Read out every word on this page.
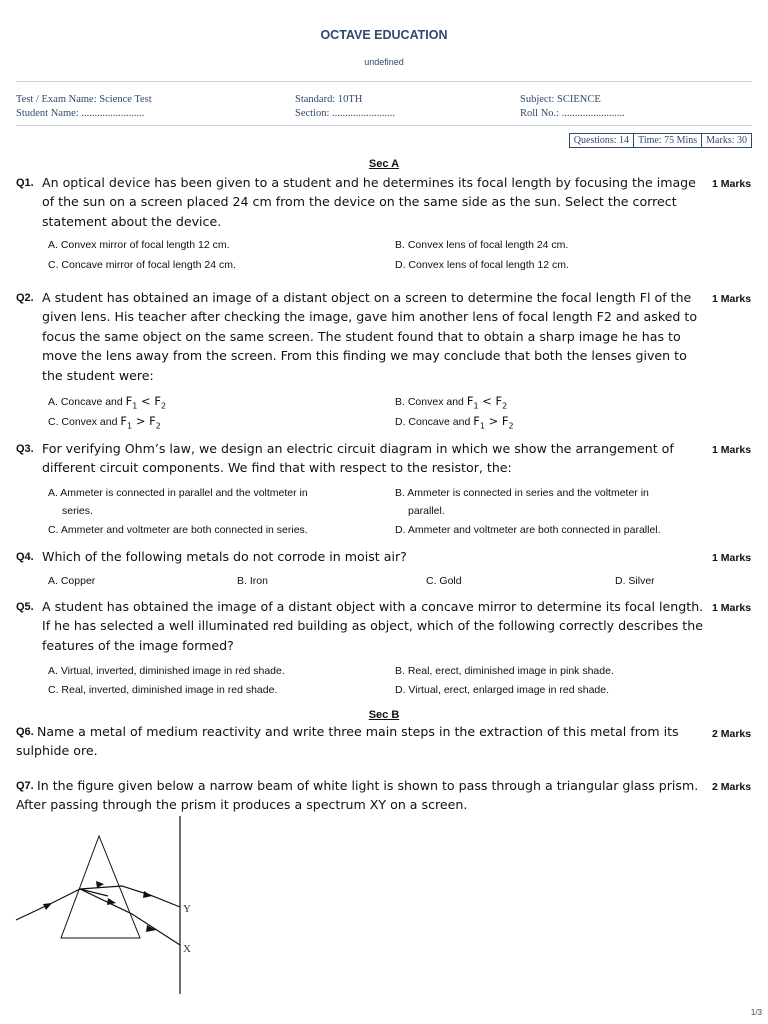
OCTAVE EDUCATION
undefined
Test / Exam Name: Science Test
Student Name: ........................
Standard: 10TH
Section: ........................
Subject: SCIENCE
Roll No.: ........................
Questions: 14 Time: 75 Mins Marks: 30
Sec A
Q1. An optical device has been given to a student and he determines its focal length by focusing the image
of the sun on a screen placed 24 cm from the device on the same side as the sun. Select the correct
statement about the device.
1 Marks
A. Convex mirror of focal length 12 cm.	B. Convex lens of focal length 24 cm.
C. Concave mirror of focal length 24 cm.	D. Convex lens of focal length 12 cm.
Q2. A student has obtained an image of a distant object on a screen to determine the focal length Fl of the
given lens. His teacher after checking the image, gave him another lens of focal length F2 and asked to
focus the same object on the same screen. The student found that to obtain a sharp image he has to
move the lens away from the screen. From this finding we may conclude that both the lenses given to
the student were:
1 Marks
A. Concave and $F_1 < F_2$	B. Convex and $F_1 < F_2$
C. Convex and $F_1 > F_2$	D. Concave and $F_1 > F_2$
Q3. For verifying Ohm’s law, we design an electric circuit diagram in which we show the arrangement of
different circuit components. We find that with respect to the resistor, the:
1 Marks
A. Ammeter is connected in parallel and the voltmeter in
series.
B. Ammeter is connected in series and the voltmeter in
parallel.
C. Ammeter and voltmeter are both connected in series.	D. Ammeter and voltmeter are both connected in parallel.
Q4. Which of the following metals do not corrode in moist air?	1 Marks
A. Copper	B. Iron	C. Gold	D. Silver
Q5. A student has obtained the image of a distant object with a concave mirror to determine its focal length.
If he has selected a well illuminated red building as object, which of the following correctly describes the
features of the image formed?
1 Marks
A. Virtual, inverted, diminished image in red shade.	B. Real, erect, diminished image in pink shade.
C. Real, inverted, diminished image in red shade.	D. Virtual, erect, enlarged image in red shade.
Sec B
Q6. Name a metal of medium reactivity and write three main steps in the extraction of this metal from its
sulphide ore.
2 Marks
Q7. In the figure given below a narrow beam of white light is shown to pass through a triangular glass prism.
After passing through the prism it produces a spectrum XY on a screen.
2 Marks
Y
X
1/3
